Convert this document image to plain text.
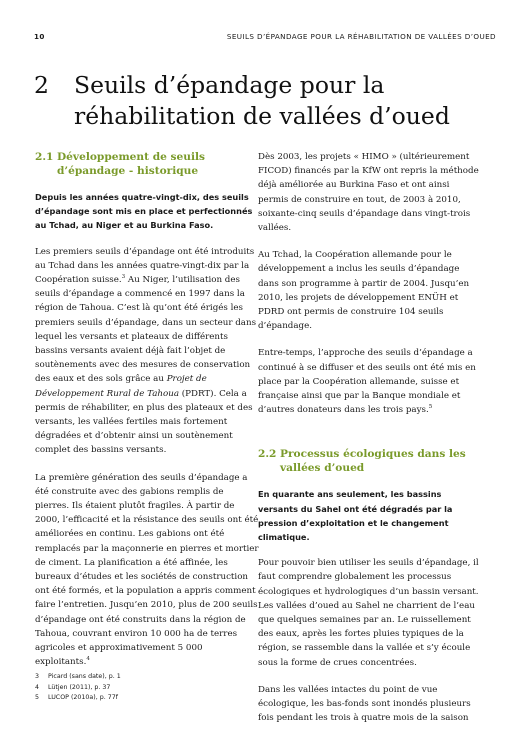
10	SEUILS D’ÉPANDAGE POUR LA RÉHABILITATION DE VALLÉES D’OUED
2 Seuils d’épandage pour la réhabilitation de vallées d’oued
2.1 Développement de seuils d’épandage - historique
Depuis les années quatre-vingt-dix, des seuils d’épandage sont mis en place et perfectionnés au Tchad, au Niger et au Burkina Faso.

Les premiers seuils d’épandage ont été introduits au Tchad dans les années quatre-vingt-dix par la Coopération suisse.$^3$ Au Niger, l’utilisation des seuils d’épandage a commencé en 1997 dans la région de Tahoua. C’est là qu’ont été érigés les premiers seuils d’épandage, dans un secteur dans lequel les versants et plateaux de différents bassins versants avaient déjà fait l’objet de soutènements avec des mesures de conservation des eaux et des sols grâce au Projet de Développement Rural de Tahoua (PDRT). Cela a permis de réhabiliter, en plus des plateaux et des versants, les vallées fertiles mais fortement dégradées et d’obtenir ainsi un soutènement complet des bassins versants.

La première génération des seuils d’épandage a été construite avec des gabions remplis de pierres. Ils étaient plutôt fragiles. À partir de 2000, l’efficacité et la résistance des seuils ont été améliorées en continu. Les gabions ont été remplacés par la maçonnerie en pierres et mortier de ciment. La planification a été affinée, les bureaux d’études et les sociétés de construction ont été formés, et la population a appris comment faire l’entretien. Jusqu’en 2010, plus de 200 seuils d’épandage ont été construits dans la région de Tahoua, couvrant environ 10 000 ha de terres agricoles et approximativement 5 000 exploitants.$^4$

Dès 2003, les projets « HIMO » (ultérieurement FICOD) financés par la KfW ont repris la méthode déjà améliorée au Burkina Faso et ont ainsi permis de construire en tout, de 2003 à 2010, soixante-cinq seuils d’épandage dans vingt-trois vallées.

Au Tchad, la Coopération allemande pour le développement a inclus les seuils d’épandage dans son programme à partir de 2004. Jusqu’en 2010, les projets de développement ENÜH et PDRD ont permis de construire 104 seuils d’épandage.

Entre-temps, l’approche des seuils d’épandage a continué à se diffuser et des seuils ont été mis en place par la Coopération allemande, suisse et française ainsi que par la Banque mondiale et d’autres donateurs dans les trois pays.$^5$

2.2 Processus écologiques dans les vallées d’oued
En quarante ans seulement, les bassins versants du Sahel ont été dégradés par la pression d’exploitation et le changement climatique.

Pour pouvoir bien utiliser les seuils d’épandage, il faut comprendre globalement les processus écologiques et hydrologiques d’un bassin versant. Les vallées d’oued au Sahel ne charrient de l’eau que quelques semaines par an. Le ruissellement des eaux, après les fortes pluies typiques de la région, se rassemble dans la vallée et s’y écoule sous la forme de crues concentrées.

Dans les vallées intactes du point de vue écologique, les bas-fonds sont inondés plusieurs fois pendant les trois à quatre mois de la saison

3	Picard (sans date), p. 1
4	Lütjen (2011), p. 37
5	LUCOP (2010a), p. 77f
